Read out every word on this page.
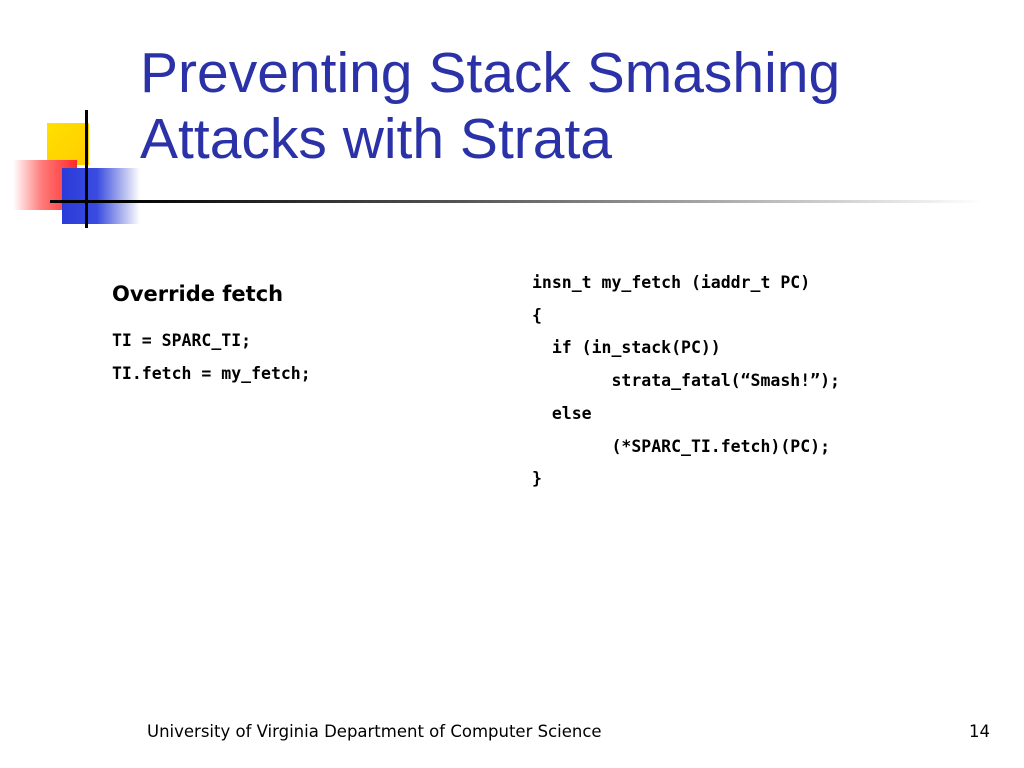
Preventing Stack Smashing
Attacks with Strata
Override fetch
TI = SPARC_TI;
TI.fetch = my_fetch;
insn_t my_fetch (iaddr_t PC)
{
if (in_stack(PC))
strata_fatal(“Smash!”);
else
(*SPARC_TI.fetch)(PC);
}
University of Virginia Department of Computer Science	14
